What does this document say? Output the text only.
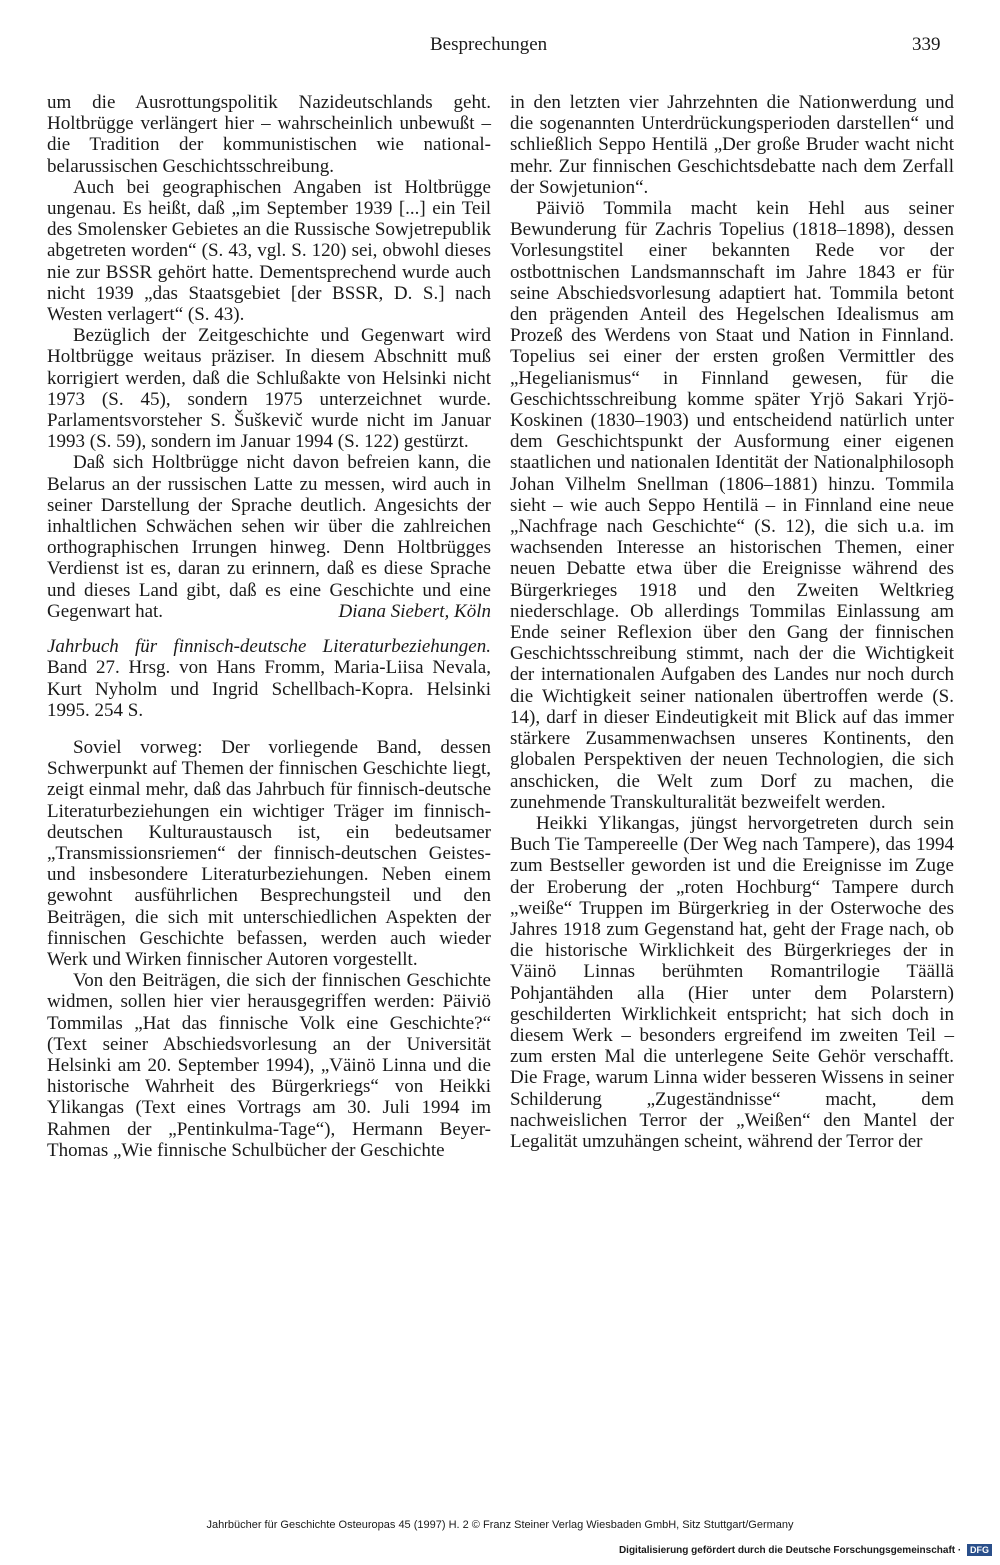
Besprechungen	339

um die Ausrottungspolitik Nazideutschlands geht. Holtbrügge verlängert hier – wahrscheinlich unbewußt – die Tradition der kommunistischen wie national-belarussischen Geschichtsschreibung.

Auch bei geographischen Angaben ist Holtbrügge ungenau. Es heißt, daß „im September 1939 [...] ein Teil des Smolensker Gebietes an die Russische Sowjetrepublik abgetreten worden“ (S. 43, vgl. S. 120) sei, obwohl dieses nie zur BSSR gehört hatte. Dementsprechend wurde auch nicht 1939 „das Staatsgebiet [der BSSR, D. S.] nach Westen verlagert“ (S. 43).

Bezüglich der Zeitgeschichte und Gegenwart wird Holtbrügge weitaus präziser. In diesem Abschnitt muß korrigiert werden, daß die Schlußakte von Helsinki nicht 1973 (S. 45), sondern 1975 unterzeichnet wurde. Parlamentsvorsteher S. Šuškevič wurde nicht im Januar 1993 (S. 59), sondern im Januar 1994 (S. 122) gestürzt.

Daß sich Holtbrügge nicht davon befreien kann, die Belarus an der russischen Latte zu messen, wird auch in seiner Darstellung der Sprache deutlich. Angesichts der inhaltlichen Schwächen sehen wir über die zahlreichen orthographischen Irrungen hinweg. Denn Holtbrügges Verdienst ist es, daran zu erinnern, daß es diese Sprache und dieses Land gibt, daß es eine Geschichte und eine Gegenwart hat.	Diana Siebert, Köln

Jahrbuch für finnisch-deutsche Literaturbeziehungen. Band 27. Hrsg. von Hans Fromm, Maria-Liisa Nevala, Kurt Nyholm und Ingrid Schellbach-Kopra. Helsinki 1995. 254 S.

Soviel vorweg: Der vorliegende Band, dessen Schwerpunkt auf Themen der finnischen Geschichte liegt, zeigt einmal mehr, daß das Jahrbuch für finnisch-deutsche Literaturbeziehungen ein wichtiger Träger im finnisch-deutschen Kulturaustausch ist, ein bedeutsamer „Transmissionsriemen“ der finnisch-deutschen Geistes- und insbesondere Literaturbeziehungen. Neben einem gewohnt ausführlichen Besprechungsteil und den Beiträgen, die sich mit unterschiedlichen Aspekten der finnischen Geschichte befassen, werden auch wieder Werk und Wirken finnischer Autoren vorgestellt.

Von den Beiträgen, die sich der finnischen Geschichte widmen, sollen hier vier herausgegriffen werden: Päiviö Tommilas „Hat das finnische Volk eine Geschichte?“ (Text seiner Abschiedsvorlesung an der Universität Helsinki am 20. September 1994), „Väinö Linna und die historische Wahrheit des Bürgerkriegs“ von Heikki Ylikangas (Text eines Vortrags am 30. Juli 1994 im Rahmen der „Pentinkulma-Tage“), Hermann Beyer-Thomas „Wie finnische Schulbücher der Geschichte

in den letzten vier Jahrzehnten die Nationwerdung und die sogenannten Unterdrückungsperioden darstellen“ und schließlich Seppo Hentilä „Der große Bruder wacht nicht mehr. Zur finnischen Geschichtsdebatte nach dem Zerfall der Sowjetunion“.

Päiviö Tommila macht kein Hehl aus seiner Bewunderung für Zachris Topelius (1818–1898), dessen Vorlesungstitel einer bekannten Rede vor der ostbottnischen Landsmannschaft im Jahre 1843 er für seine Abschiedsvorlesung adaptiert hat. Tommila betont den prägenden Anteil des Hegelschen Idealismus am Prozeß des Werdens von Staat und Nation in Finnland. Topelius sei einer der ersten großen Vermittler des „Hegelianismus“ in Finnland gewesen, für die Geschichtsschreibung komme später Yrjö Sakari Yrjö-Koskinen (1830–1903) und entscheidend natürlich unter dem Geschichtspunkt der Ausformung einer eigenen staatlichen und nationalen Identität der Nationalphilosoph Johan Vilhelm Snellman (1806–1881) hinzu. Tommila sieht – wie auch Seppo Hentilä – in Finnland eine neue „Nachfrage nach Geschichte“ (S. 12), die sich u.a. im wachsenden Interesse an historischen Themen, einer neuen Debatte etwa über die Ereignisse während des Bürgerkrieges 1918 und den Zweiten Weltkrieg niederschlage. Ob allerdings Tommilas Einlassung am Ende seiner Reflexion über den Gang der finnischen Geschichtsschreibung stimmt, nach der die Wichtigkeit der internationalen Aufgaben des Landes nur noch durch die Wichtigkeit seiner nationalen übertroffen werde (S. 14), darf in dieser Eindeutigkeit mit Blick auf das immer stärkere Zusammenwachsen unseres Kontinents, den globalen Perspektiven der neuen Technologien, die sich anschicken, die Welt zum Dorf zu machen, die zunehmende Transkulturalität bezweifelt werden.

Heikki Ylikangas, jüngst hervorgetreten durch sein Buch Tie Tampereelle (Der Weg nach Tampere), das 1994 zum Bestseller geworden ist und die Ereignisse im Zuge der Eroberung der „roten Hochburg“ Tampere durch „weiße“ Truppen im Bürgerkrieg in der Osterwoche des Jahres 1918 zum Gegenstand hat, geht der Frage nach, ob die historische Wirklichkeit des Bürgerkrieges der in Väinö Linnas berühmten Romantrilogie Täällä Pohjantähden alla (Hier unter dem Polarstern) geschilderten Wirklichkeit entspricht; hat sich doch in diesem Werk – besonders ergreifend im zweiten Teil – zum ersten Mal die unterlegene Seite Gehör verschafft. Die Frage, warum Linna wider besseren Wissens in seiner Schilderung „Zugeständnisse“ macht, dem nachweislichen Terror der „Weißen“ den Mantel der Legalität umzuhängen scheint, während der Terror der

Jahrbücher für Geschichte Osteuropas 45 (1997) H. 2 © Franz Steiner Verlag Wiesbaden GmbH, Sitz Stuttgart/Germany
Digitalisierung gefördert durch die Deutsche Forschungsgemeinschaft · DFG
